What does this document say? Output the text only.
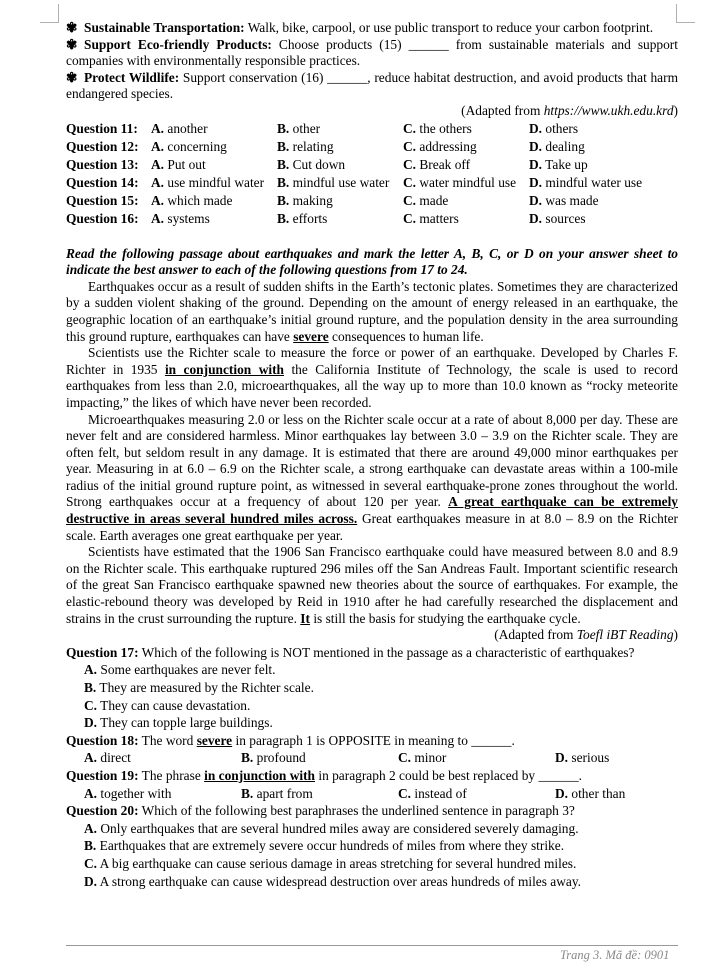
✾ Sustainable Transportation: Walk, bike, carpool, or use public transport to reduce your carbon footprint.
✾ Support Eco-friendly Products: Choose products (15) ______ from sustainable materials and support companies with environmentally responsible practices.
✾ Protect Wildlife: Support conservation (16) ______, reduce habitat destruction, and avoid products that harm endangered species.
(Adapted from https://www.ukh.edu.krd)
Question 11:	A. another	B. other	C. the others	D. others
Question 12:	A. concerning	B. relating	C. addressing	D. dealing
Question 13:	A. Put out	B. Cut down	C. Break off	D. Take up
Question 14:	A. use mindful water	B. mindful use water	C. water mindful use	D. mindful water use
Question 15:	A. which made	B. making	C. made	D. was made
Question 16:	A. systems	B. efforts	C. matters	D. sources
Read the following passage about earthquakes and mark the letter A, B, C, or D on your answer sheet to indicate the best answer to each of the following questions from 17 to 24.
Earthquakes occur as a result of sudden shifts in the Earth’s tectonic plates. Sometimes they are characterized by a sudden violent shaking of the ground. Depending on the amount of energy released in an earthquake, the geographic location of an earthquake’s initial ground rupture, and the population density in the area surrounding this ground rupture, earthquakes can have severe consequences to human life.
Scientists use the Richter scale to measure the force or power of an earthquake. Developed by Charles F. Richter in 1935 in conjunction with the California Institute of Technology, the scale is used to record earthquakes from less than 2.0, microearthquakes, all the way up to more than 10.0 known as “rocky meteorite impacting,” the likes of which have never been recorded.
Microearthquakes measuring 2.0 or less on the Richter scale occur at a rate of about 8,000 per day. These are never felt and are considered harmless. Minor earthquakes lay between 3.0 – 3.9 on the Richter scale. They are often felt, but seldom result in any damage. It is estimated that there are around 49,000 minor earthquakes per year. Measuring in at 6.0 – 6.9 on the Richter scale, a strong earthquake can devastate areas within a 100-mile radius of the initial ground rupture point, as witnessed in several earthquake-prone zones throughout the world. Strong earthquakes occur at a frequency of about 120 per year. A great earthquake can be extremely destructive in areas several hundred miles across. Great earthquakes measure in at 8.0 – 8.9 on the Richter scale. Earth averages one great earthquake per year.
Scientists have estimated that the 1906 San Francisco earthquake could have measured between 8.0 and 8.9 on the Richter scale. This earthquake ruptured 296 miles off the San Andreas Fault. Important scientific research of the great San Francisco earthquake spawned new theories about the source of earthquakes. For example, the elastic-rebound theory was developed by Reid in 1910 after he had carefully researched the displacement and strains in the crust surrounding the rupture. It is still the basis for studying the earthquake cycle.
(Adapted from Toefl iBT Reading)
Question 17: Which of the following is NOT mentioned in the passage as a characteristic of earthquakes?
A. Some earthquakes are never felt.
B. They are measured by the Richter scale.
C. They can cause devastation.
D. They can topple large buildings.
Question 18: The word severe in paragraph 1 is OPPOSITE in meaning to ______.
A. direct	B. profound	C. minor	D. serious
Question 19: The phrase in conjunction with in paragraph 2 could be best replaced by ______.
A. together with	B. apart from	C. instead of	D. other than
Question 20: Which of the following best paraphrases the underlined sentence in paragraph 3?
A. Only earthquakes that are several hundred miles away are considered severely damaging.
B. Earthquakes that are extremely severe occur hundreds of miles from where they strike.
C. A big earthquake can cause serious damage in areas stretching for several hundred miles.
D. A strong earthquake can cause widespread destruction over areas hundreds of miles away.
Trang 3. Mã đề: 0901
